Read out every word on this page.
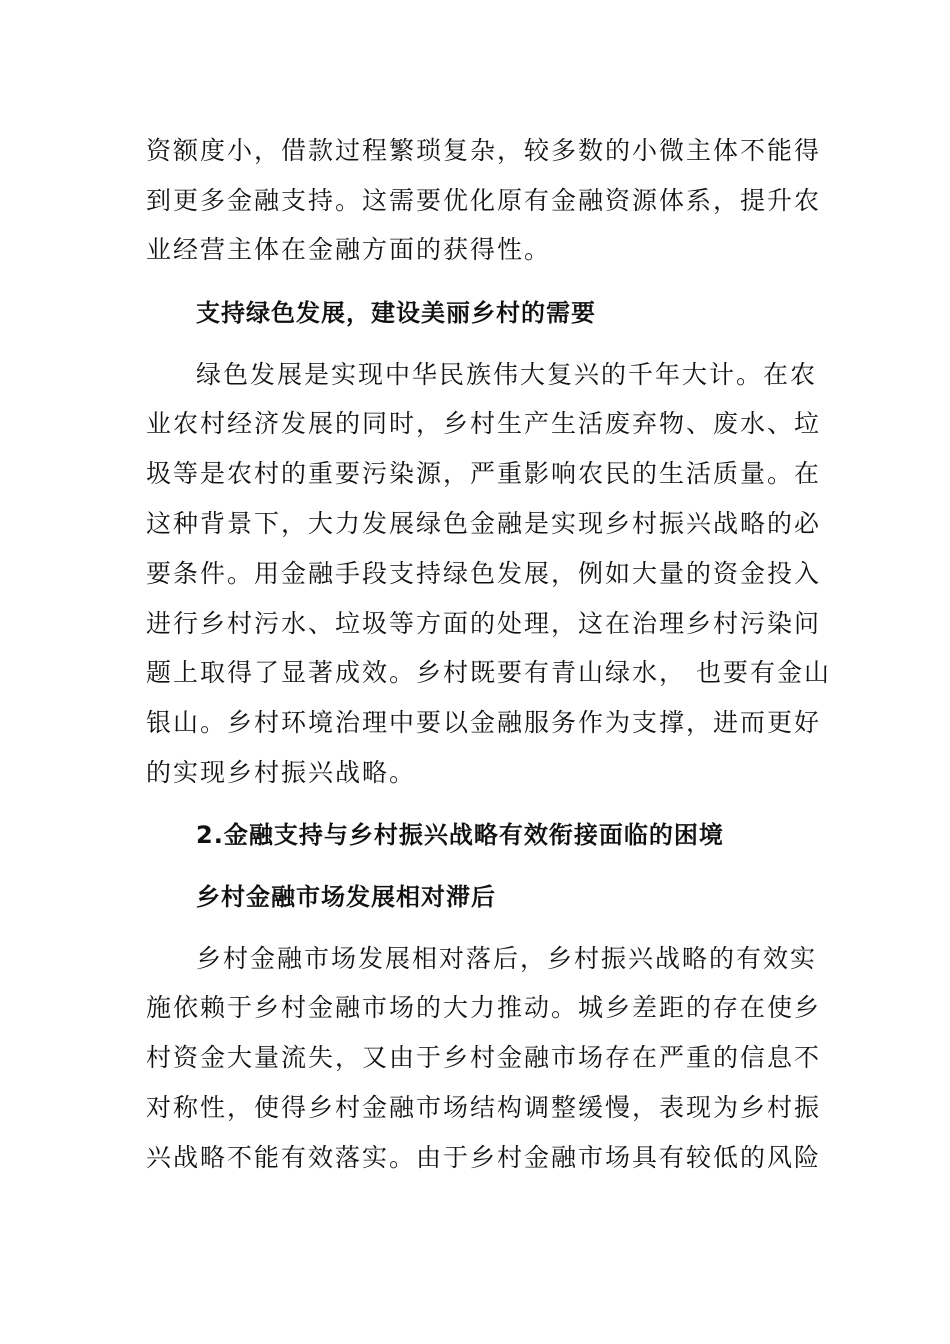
资额度小，借款过程繁琐复杂，较多数的小微主体不能得

到更多金融支持。这需要优化原有金融资源体系，提升农

业经营主体在金融方面的获得性。

支持绿色发展，建设美丽乡村的需要

绿色发展是实现中华民族伟大复兴的千年大计。在农

业农村经济发展的同时，乡村生产生活废弃物、废水、垃

圾等是农村的重要污染源，严重影响农民的生活质量。在

这种背景下，大力发展绿色金融是实现乡村振兴战略的必

要条件。用金融手段支持绿色发展，例如大量的资金投入

进行乡村污水、垃圾等方面的处理，这在治理乡村污染问

题上取得了显著成效。乡村既要有青山绿水， 也要有金山

银山。乡村环境治理中要以金融服务作为支撑，进而更好

的实现乡村振兴战略。

2.金融支持与乡村振兴战略有效衔接面临的困境
乡村金融市场发展相对滞后

乡村金融市场发展相对落后，乡村振兴战略的有效实

施依赖于乡村金融市场的大力推动。城乡差距的存在使乡

村资金大量流失，又由于乡村金融市场存在严重的信息不

对称性，使得乡村金融市场结构调整缓慢，表现为乡村振

兴战略不能有效落实。由于乡村金融市场具有较低的风险
